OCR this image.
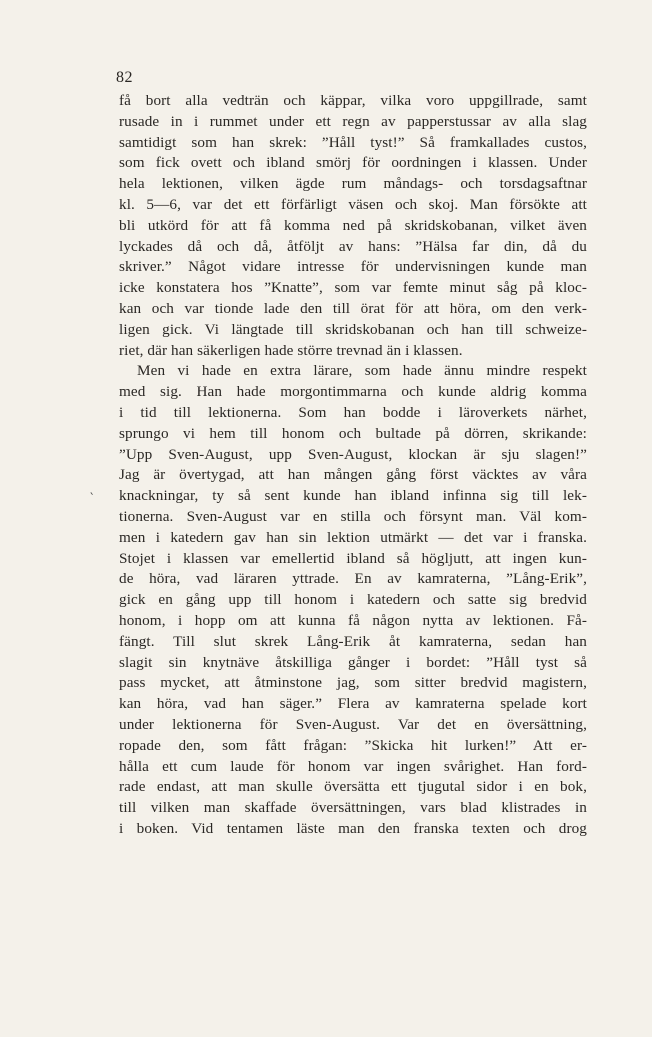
82
‵
få bort alla vedträn och käppar, vilka voro uppgillrade, samt
rusade in i rummet under ett regn av papperstussar av alla slag
samtidigt som han skrek: ”Håll tyst!” Så framkallades custos,
som fick ovett och ibland smörj för oordningen i klassen. Under
hela lektionen, vilken ägde rum måndags- och torsdagsaftnar
kl. 5—6, var det ett förfärligt väsen och skoj. Man försökte att
bli utkörd för att få komma ned på skridskobanan, vilket även
lyckades då och då, åtföljt av hans: ”Hälsa far din, då du
skriver.” Något vidare intresse för undervisningen kunde man
icke konstatera hos ”Knatte”, som var femte minut såg på kloc-
kan och var tionde lade den till örat för att höra, om den verk-
ligen gick. Vi längtade till skridskobanan och han till schweize-
riet, där han säkerligen hade större trevnad än i klassen.
Men vi hade en extra lärare, som hade ännu mindre respekt
med sig. Han hade morgontimmarna och kunde aldrig komma
i tid till lektionerna. Som han bodde i läroverkets närhet,
sprungo vi hem till honom och bultade på dörren, skrikande:
”Upp Sven-August, upp Sven-August, klockan är sju slagen!”
Jag är övertygad, att han mången gång först väcktes av våra
knackningar, ty så sent kunde han ibland infinna sig till lek-
tionerna. Sven-August var en stilla och försynt man. Väl kom-
men i katedern gav han sin lektion utmärkt — det var i franska.
Stojet i klassen var emellertid ibland så högljutt, att ingen kun-
de höra, vad läraren yttrade. En av kamraterna, ”Lång-Erik”,
gick en gång upp till honom i katedern och satte sig bredvid
honom, i hopp om att kunna få någon nytta av lektionen. Få-
fängt. Till slut skrek Lång-Erik åt kamraterna, sedan han
slagit sin knytnäve åtskilliga gånger i bordet: ”Håll tyst så
pass mycket, att åtminstone jag, som sitter bredvid magistern,
kan höra, vad han säger.” Flera av kamraterna spelade kort
under lektionerna för Sven-August. Var det en översättning,
ropade den, som fått frågan: ”Skicka hit lurken!” Att er-
hålla ett cum laude för honom var ingen svårighet. Han ford-
rade endast, att man skulle översätta ett tjugutal sidor i en bok,
till vilken man skaffade översättningen, vars blad klistrades in
i boken. Vid tentamen läste man den franska texten och drog
